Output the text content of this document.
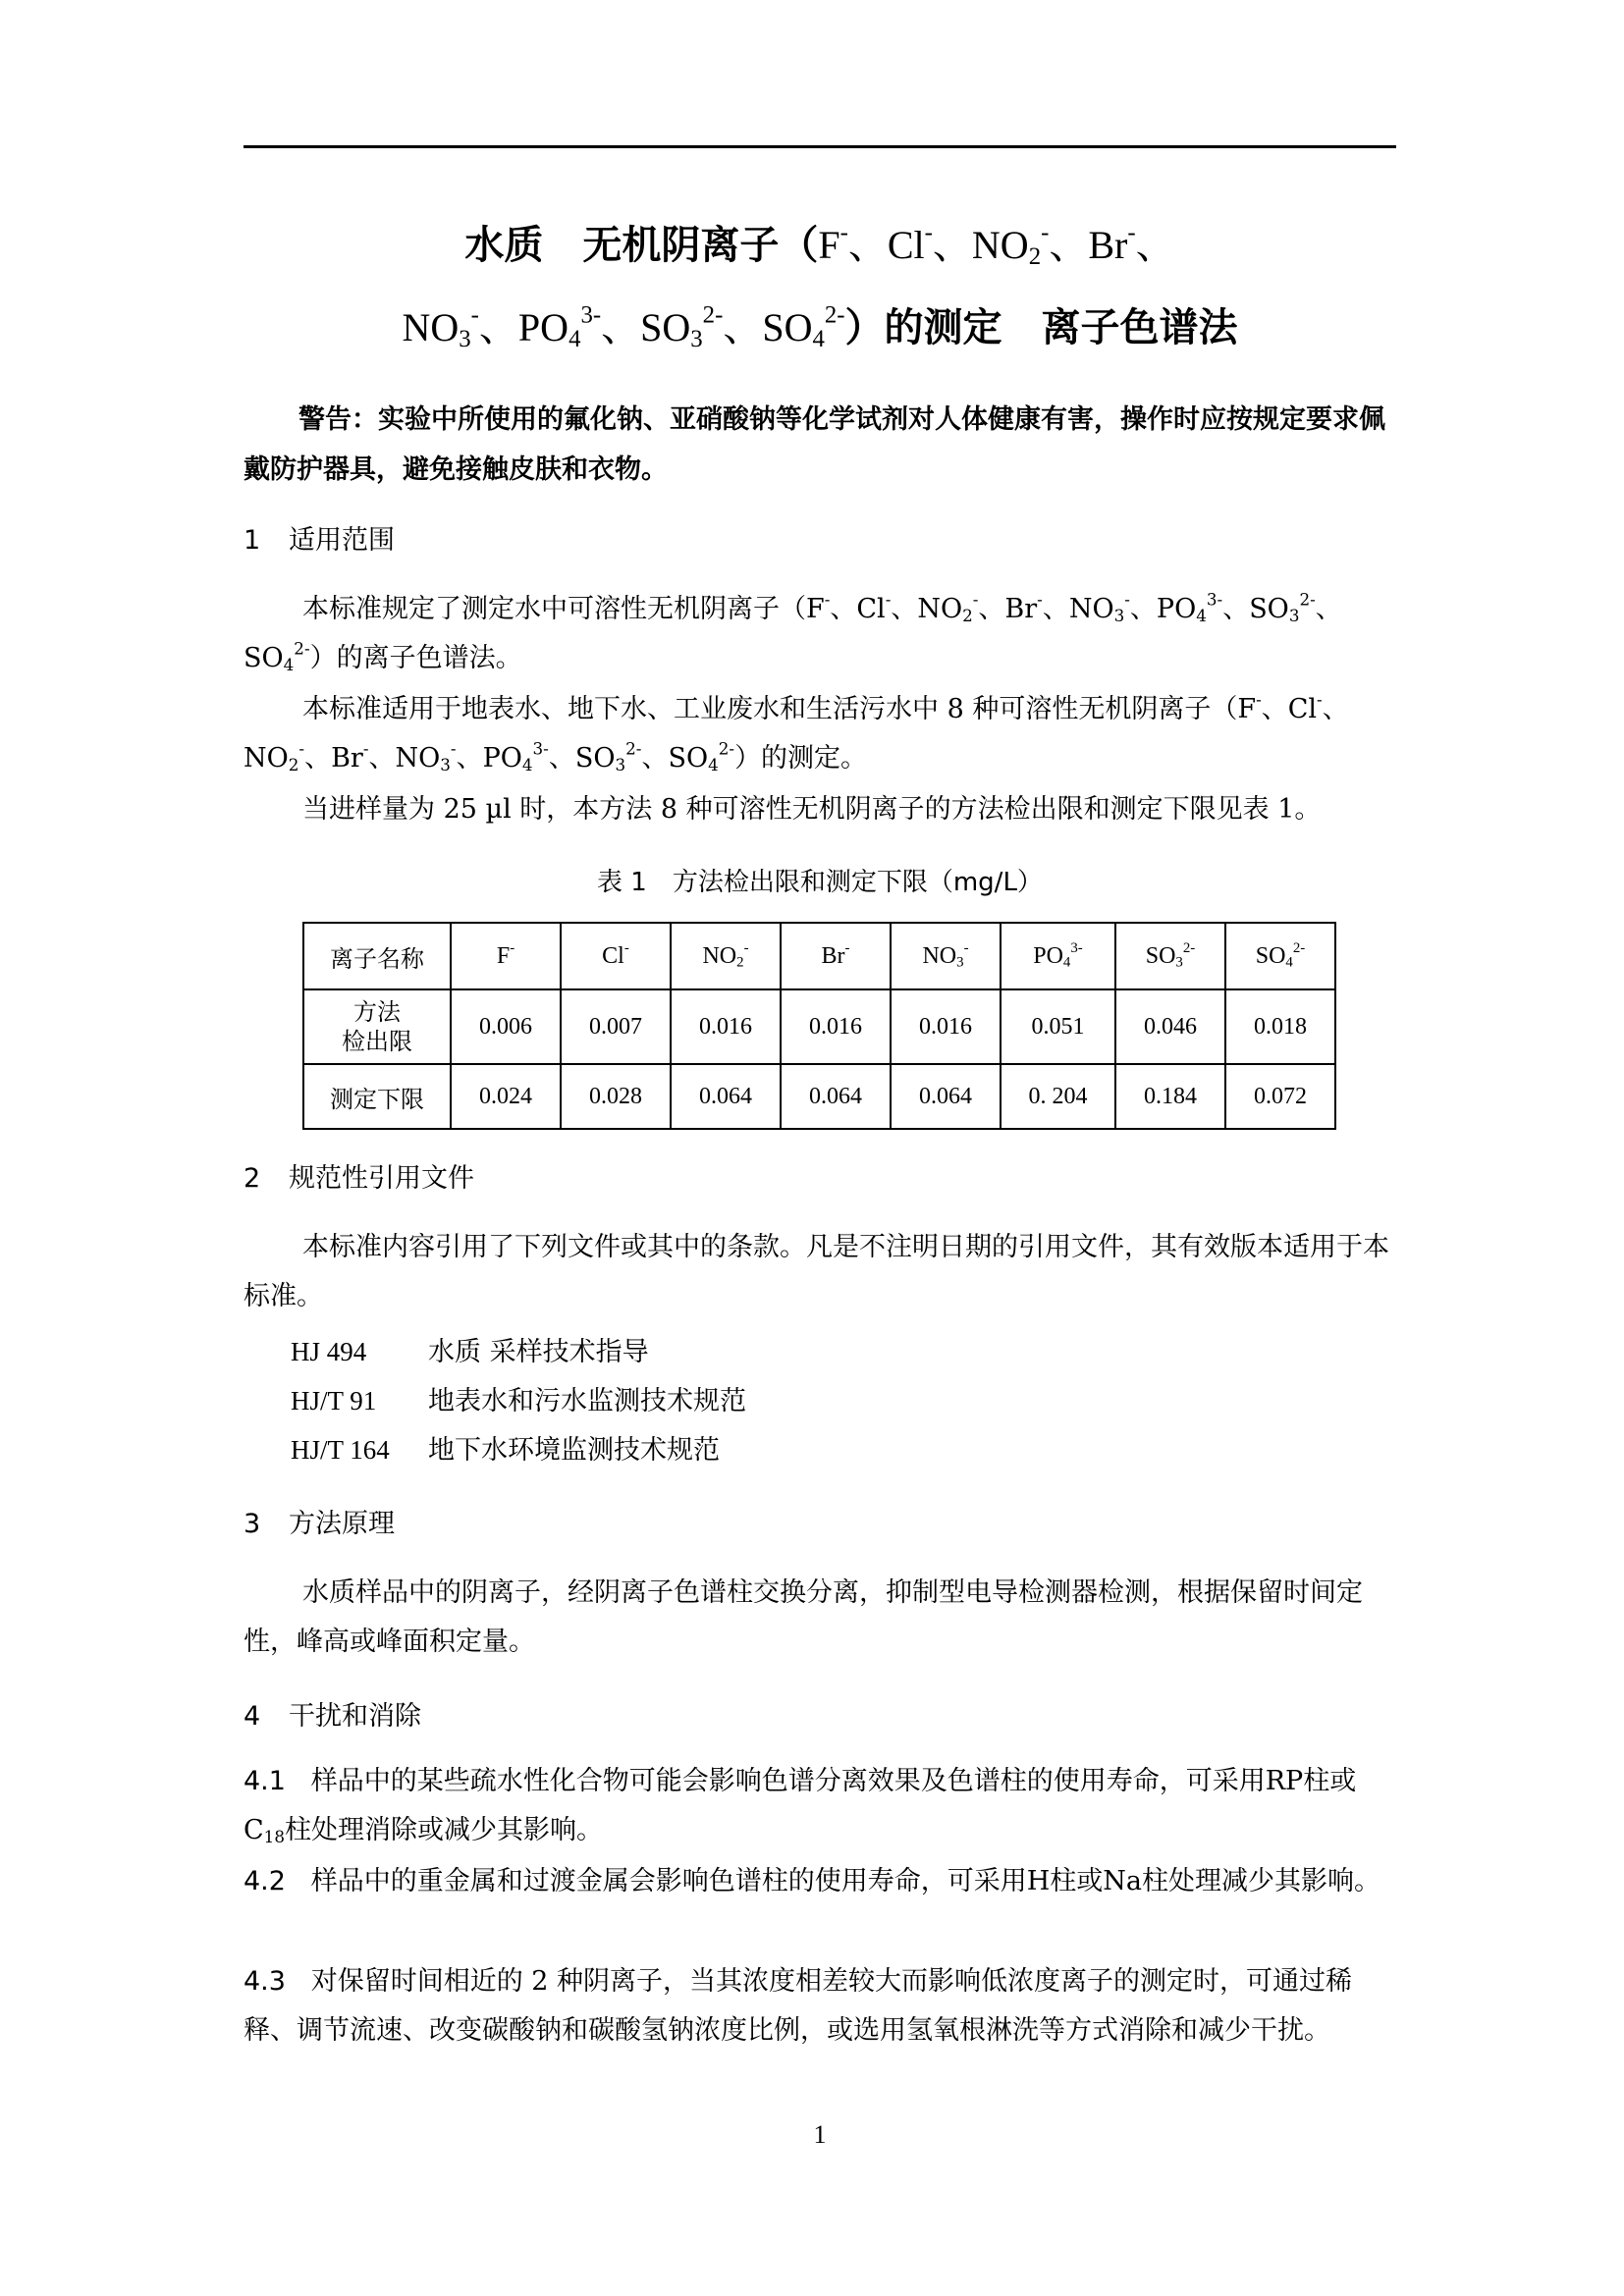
水质　无机阴离子（F-、Cl-、$NO_2^-$、Br-、
$NO_3^-$、$PO_4^{3-}$、$SO_3^{2-}$、$SO_4^{2-}$）的测定　离子色谱法
警告：实验中所使用的氟化钠、亚硝酸钠等化学试剂对人体健康有害，操作时应按规定要求佩戴防护器具，避免接触皮肤和衣物。
1 适用范围
本标准规定了测定水中可溶性无机阴离子（F-、Cl-、$NO_2^-$、Br-、$NO_3^-$、$PO_4^{3-}$、$SO_3^{2-}$、$SO_4^{2-}$）的离子色谱法。
本标准适用于地表水、地下水、工业废水和生活污水中 8 种可溶性无机阴离子（F-、Cl-、$NO_2^-$、Br-、$NO_3^-$、$PO_4^{3-}$、$SO_3^{2-}$、$SO_4^{2-}$）的测定。
当进样量为 25 µl 时，本方法 8 种可溶性无机阴离子的方法检出限和测定下限见表 1。
表 1　方法检出限和测定下限（mg/L）
离子名称	F-	Cl-	$NO_2^-$	Br-	$NO_3^-$	$PO_4^{3-}$	$SO_3^{2-}$	$SO_4^{2-}$

方法
检出限	0.006	0.007	0.016	0.016	0.016	0.051	0.046	0.018
测定下限	0.024	0.028	0.064	0.064	0.064	0. 204	0.184	0.072
2 规范性引用文件
本标准内容引用了下列文件或其中的条款。凡是不注明日期的引用文件，其有效版本适用于本标准。
HJ 494 水质 采样技术指导
HJ/T 91 地表水和污水监测技术规范
HJ/T 164 地下水环境监测技术规范
3 方法原理
水质样品中的阴离子，经阴离子色谱柱交换分离，抑制型电导检测器检测，根据保留时间定性，峰高或峰面积定量。
4 干扰和消除
4.1 样品中的某些疏水性化合物可能会影响色谱分离效果及色谱柱的使用寿命，可采用RP柱或$C_{18}$柱处理消除或减少其影响。
4.2 样品中的重金属和过渡金属会影响色谱柱的使用寿命，可采用H柱或Na柱处理减少其影响。
4.3 对保留时间相近的 2 种阴离子，当其浓度相差较大而影响低浓度离子的测定时，可通过稀释、调节流速、改变碳酸钠和碳酸氢钠浓度比例，或选用氢氧根淋洗等方式消除和减少干扰。
1
